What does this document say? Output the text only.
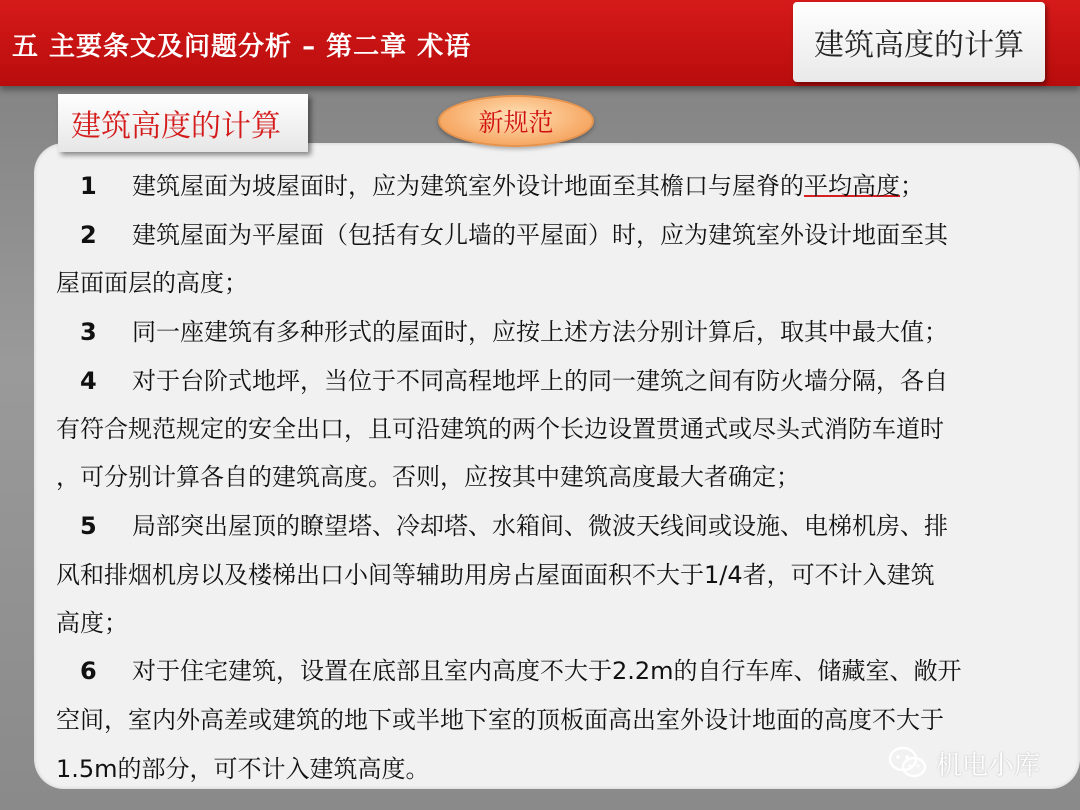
五 主要条文及问题分析 – 第二章 术语	建筑高度的计算
建筑高度的计算	新规范
1 建筑屋面为坡屋面时，应为建筑室外设计地面至其檐口与屋脊的平均高度；
2 建筑屋面为平屋面（包括有女儿墙的平屋面）时，应为建筑室外设计地面至其
屋面面层的高度；
3 同一座建筑有多种形式的屋面时，应按上述方法分别计算后，取其中最大值；
4 对于台阶式地坪，当位于不同高程地坪上的同一建筑之间有防火墙分隔，各自
有符合规范规定的安全出口，且可沿建筑的两个长边设置贯通式或尽头式消防车道时
，可分别计算各自的建筑高度。否则，应按其中建筑高度最大者确定；
5 局部突出屋顶的瞭望塔、冷却塔、水箱间、微波天线间或设施、电梯机房、排
风和排烟机房以及楼梯出口小间等辅助用房占屋面面积不大于1/4者，可不计入建筑
高度；
6 对于住宅建筑，设置在底部且室内高度不大于2.2m的自行车库、储藏室、敞开
空间，室内外高差或建筑的地下或半地下室的顶板面高出室外设计地面的高度不大于
1.5m的部分，可不计入建筑高度。	机电小库
